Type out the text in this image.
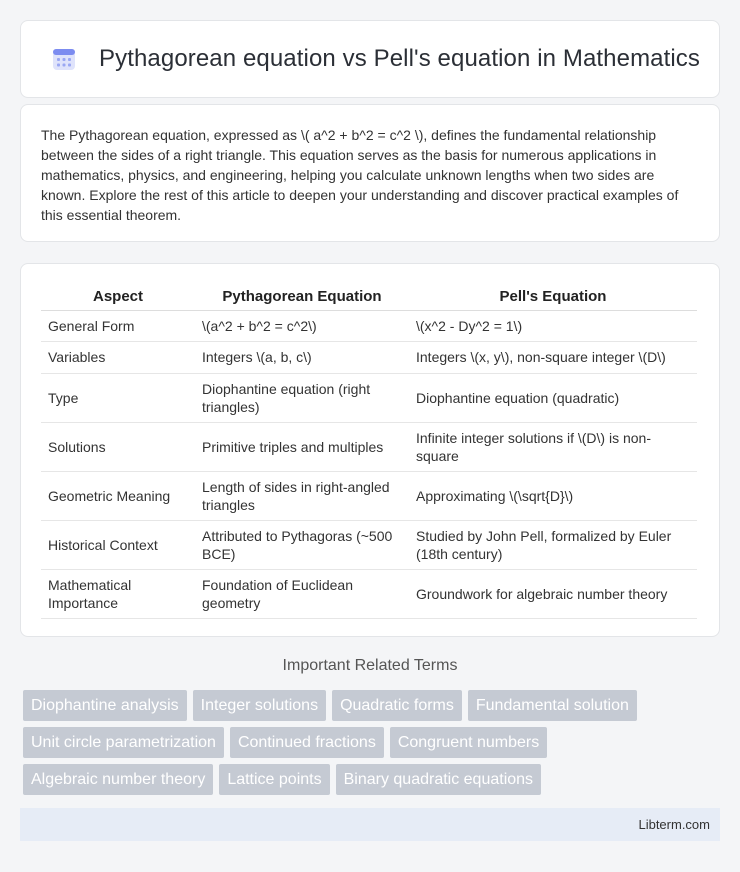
Pythagorean equation vs Pell's equation in Mathematics

The Pythagorean equation, expressed as \( a^2 + b^2 = c^2 \), defines the fundamental relationship between the sides of a right triangle. This equation serves as the basis for numerous applications in mathematics, physics, and engineering, helping you calculate unknown lengths when two sides are known. Explore the rest of this article to deepen your understanding and discover practical examples of this essential theorem.

Aspect	Pythagorean Equation	Pell's Equation
General Form	\(a^2 + b^2 = c^2\)	\(x^2 - Dy^2 = 1\)
Variables	Integers \(a, b, c\)	Integers \(x, y\), non-square integer \(D\)
Type	Diophantine equation (right triangles)	Diophantine equation (quadratic)
Solutions	Primitive triples and multiples	Infinite integer solutions if \(D\) is non-square
Geometric Meaning	Length of sides in right-angled triangles	Approximating \(\sqrt{D}\)
Historical Context	Attributed to Pythagoras (~500 BCE)	Studied by John Pell, formalized by Euler (18th century)
Mathematical Importance	Foundation of Euclidean geometry	Groundwork for algebraic number theory
Important Related Terms
Diophantine analysis	Integer solutions	Quadratic forms	Fundamental solution
Unit circle parametrization	Continued fractions	Congruent numbers
Algebraic number theory	Lattice points	Binary quadratic equations
Libterm.com
